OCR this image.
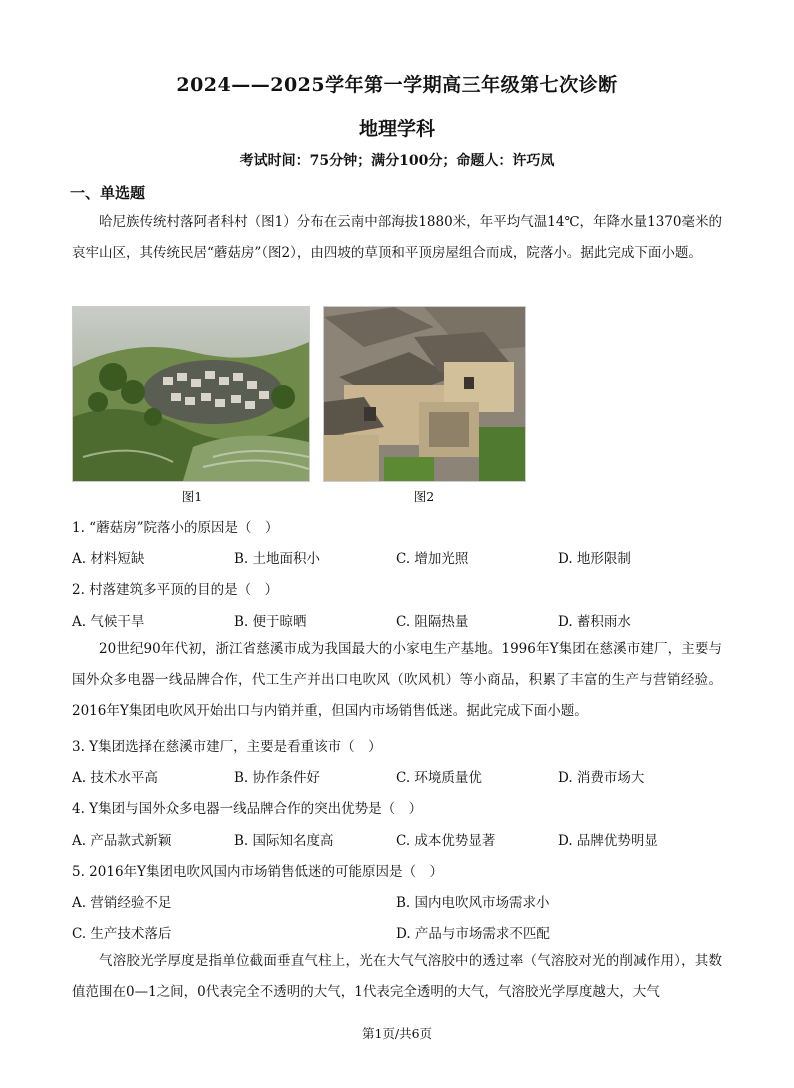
2024——2025学年第一学期高三年级第七次诊断
地理学科
考试时间：75分钟；满分100分；命题人：许巧凤
一、单选题
哈尼族传统村落阿者科村（图1）分布在云南中部海拔1880米，年平均气温14℃，年降水量1370毫米的哀牢山区，其传统民居“蘑菇房”（图2），由四坡的草顶和平顶房屋组合而成，院落小。据此完成下面小题。
图1	图2
1. “蘑菇房”院落小的原因是（　）
A. 材料短缺	B. 土地面积小	C. 增加光照	D. 地形限制
2. 村落建筑多平顶的目的是（　）
A. 气候干旱	B. 便于晾晒	C. 阻隔热量	D. 蓄积雨水
20世纪90年代初，浙江省慈溪市成为我国最大的小家电生产基地。1996年Y集团在慈溪市建厂，主要与国外众多电器一线品牌合作，代工生产并出口电吹风（吹风机）等小商品，积累了丰富的生产与营销经验。2016年Y集团电吹风开始出口与内销并重，但国内市场销售低迷。据此完成下面小题。
3. Y集团选择在慈溪市建厂，主要是看重该市（　）
A. 技术水平高	B. 协作条件好	C. 环境质量优	D. 消费市场大
4. Y集团与国外众多电器一线品牌合作的突出优势是（　）
A. 产品款式新颖	B. 国际知名度高	C. 成本优势显著	D. 品牌优势明显
5. 2016年Y集团电吹风国内市场销售低迷的可能原因是（　）
A. 营销经验不足	B. 国内电吹风市场需求小
C. 生产技术落后	D. 产品与市场需求不匹配
气溶胶光学厚度是指单位截面垂直气柱上，光在大气气溶胶中的透过率（气溶胶对光的削减作用），其数值范围在0—1之间，0代表完全不透明的大气，1代表完全透明的大气，气溶胶光学厚度越大，大气
第1页/共6页
